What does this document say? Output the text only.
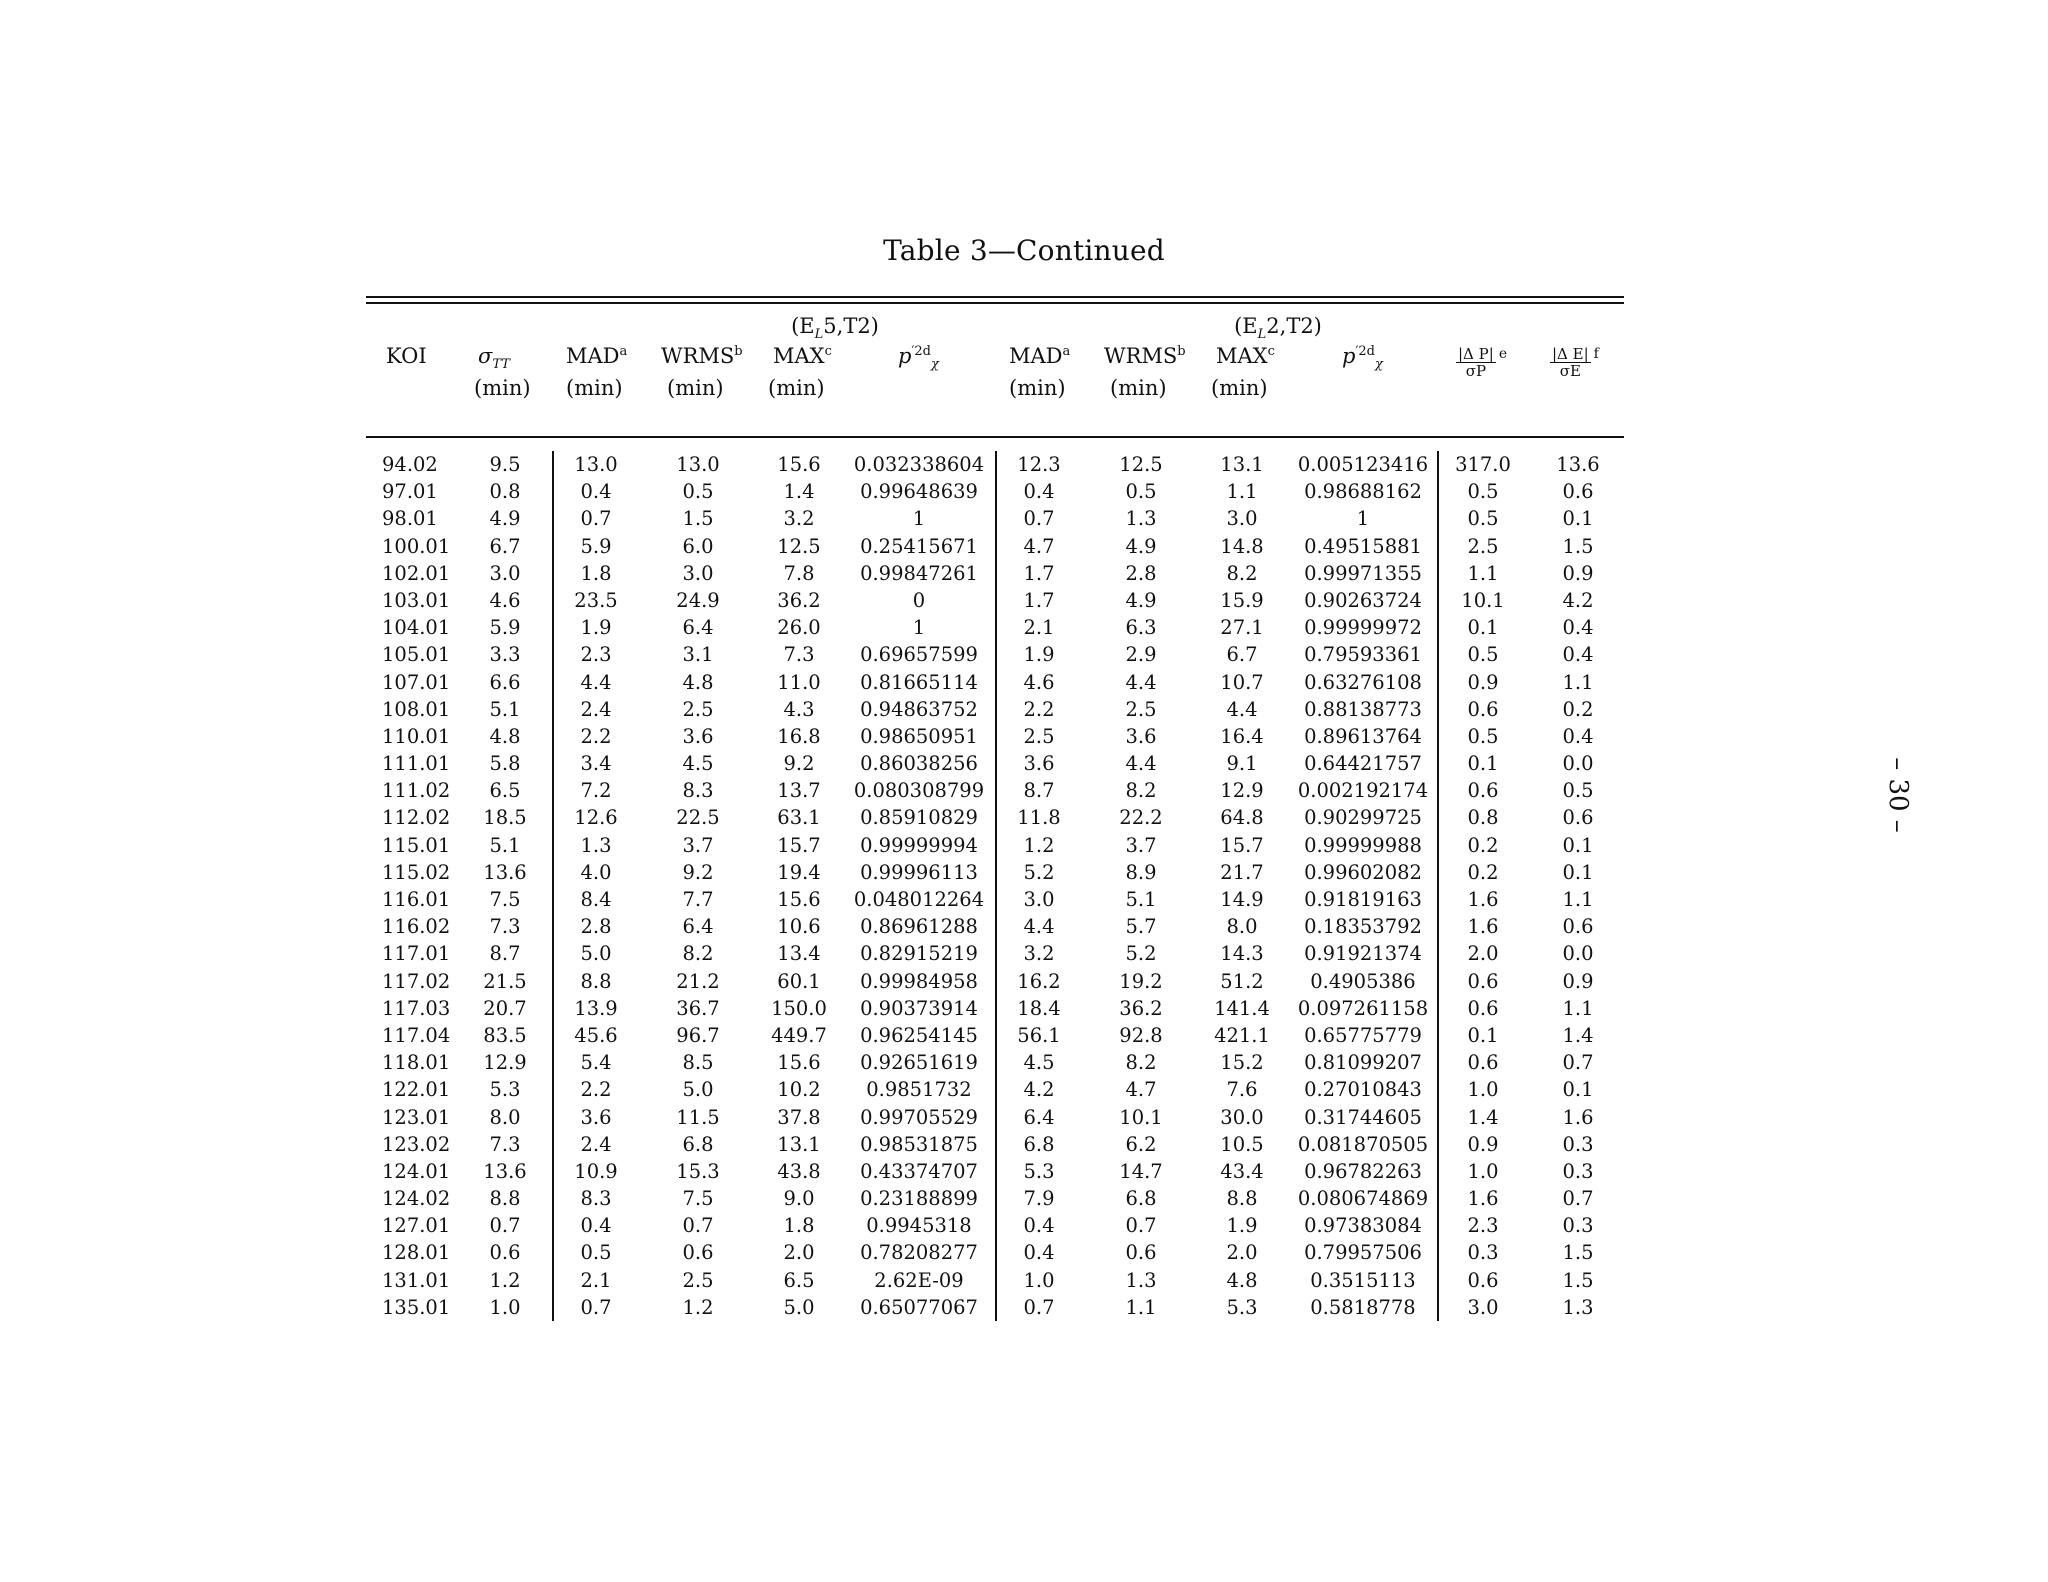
Table 3—Continued
$(E_L5,T2)$	$(E_L2,T2)$
KOI $\sigma_{TT}$	MAD$^a$ WRMS$^b$ MAX$^c$	$p^{'2d}_\chi$	MAD$^a$ WRMS$^b$ MAX$^c$	$p^{'2d}_\chi$	$\frac{\text{|Δ P|}}{\sigma P}$ e	$\frac{\text{|Δ E|}}{\sigma E}$ f
(min) (min) (min) (min)	(min) (min) (min)
94.02	9.5	13.0	13.0	15.6	0.032338604	12.3	12.5	13.1	0.005123416	317.0	13.6
97.01	0.8	0.4	0.5	1.4	0.99648639	0.4	0.5	1.1	0.98688162	0.5	0.6
98.01	4.9	0.7	1.5	3.2	1	0.7	1.3	3.0	1	0.5	0.1
100.01	6.7	5.9	6.0	12.5	0.25415671	4.7	4.9	14.8	0.49515881	2.5	1.5
102.01	3.0	1.8	3.0	7.8	0.99847261	1.7	2.8	8.2	0.99971355	1.1	0.9
103.01	4.6	23.5	24.9	36.2	0	1.7	4.9	15.9	0.90263724	10.1	4.2
104.01	5.9	1.9	6.4	26.0	1	2.1	6.3	27.1	0.99999972	0.1	0.4
105.01	3.3	2.3	3.1	7.3	0.69657599	1.9	2.9	6.7	0.79593361	0.5	0.4
107.01	6.6	4.4	4.8	11.0	0.81665114	4.6	4.4	10.7	0.63276108	0.9	1.1
108.01	5.1	2.4	2.5	4.3	0.94863752	2.2	2.5	4.4	0.88138773	0.6	0.2
110.01	4.8	2.2	3.6	16.8	0.98650951	2.5	3.6	16.4	0.89613764	0.5	0.4
111.01	5.8	3.4	4.5	9.2	0.86038256	3.6	4.4	9.1	0.64421757	0.1	0.0
111.02	6.5	7.2	8.3	13.7	0.080308799	8.7	8.2	12.9	0.002192174	0.6	0.5
112.02	18.5	12.6	22.5	63.1	0.85910829	11.8	22.2	64.8	0.90299725	0.8	0.6
115.01	5.1	1.3	3.7	15.7	0.99999994	1.2	3.7	15.7	0.99999988	0.2	0.1
115.02	13.6	4.0	9.2	19.4	0.99996113	5.2	8.9	21.7	0.99602082	0.2	0.1
116.01	7.5	8.4	7.7	15.6	0.048012264	3.0	5.1	14.9	0.91819163	1.6	1.1
116.02	7.3	2.8	6.4	10.6	0.86961288	4.4	5.7	8.0	0.18353792	1.6	0.6
117.01	8.7	5.0	8.2	13.4	0.82915219	3.2	5.2	14.3	0.91921374	2.0	0.0
117.02	21.5	8.8	21.2	60.1	0.99984958	16.2	19.2	51.2	0.4905386	0.6	0.9
117.03	20.7	13.9	36.7	150.0	0.90373914	18.4	36.2	141.4	0.097261158	0.6	1.1
117.04	83.5	45.6	96.7	449.7	0.96254145	56.1	92.8	421.1	0.65775779	0.1	1.4
118.01	12.9	5.4	8.5	15.6	0.92651619	4.5	8.2	15.2	0.81099207	0.6	0.7
122.01	5.3	2.2	5.0	10.2	0.9851732	4.2	4.7	7.6	0.27010843	1.0	0.1
123.01	8.0	3.6	11.5	37.8	0.99705529	6.4	10.1	30.0	0.31744605	1.4	1.6
123.02	7.3	2.4	6.8	13.1	0.98531875	6.8	6.2	10.5	0.081870505	0.9	0.3
124.01	13.6	10.9	15.3	43.8	0.43374707	5.3	14.7	43.4	0.96782263	1.0	0.3
124.02	8.8	8.3	7.5	9.0	0.23188899	7.9	6.8	8.8	0.080674869	1.6	0.7
127.01	0.7	0.4	0.7	1.8	0.9945318	0.4	0.7	1.9	0.97383084	2.3	0.3
128.01	0.6	0.5	0.6	2.0	0.78208277	0.4	0.6	2.0	0.79957506	0.3	1.5
131.01	1.2	2.1	2.5	6.5	2.62E-09	1.0	1.3	4.8	0.3515113	0.6	1.5
135.01	1.0	0.7	1.2	5.0	0.65077067	0.7	1.1	5.3	0.5818778	3.0	1.3
– 30 –
